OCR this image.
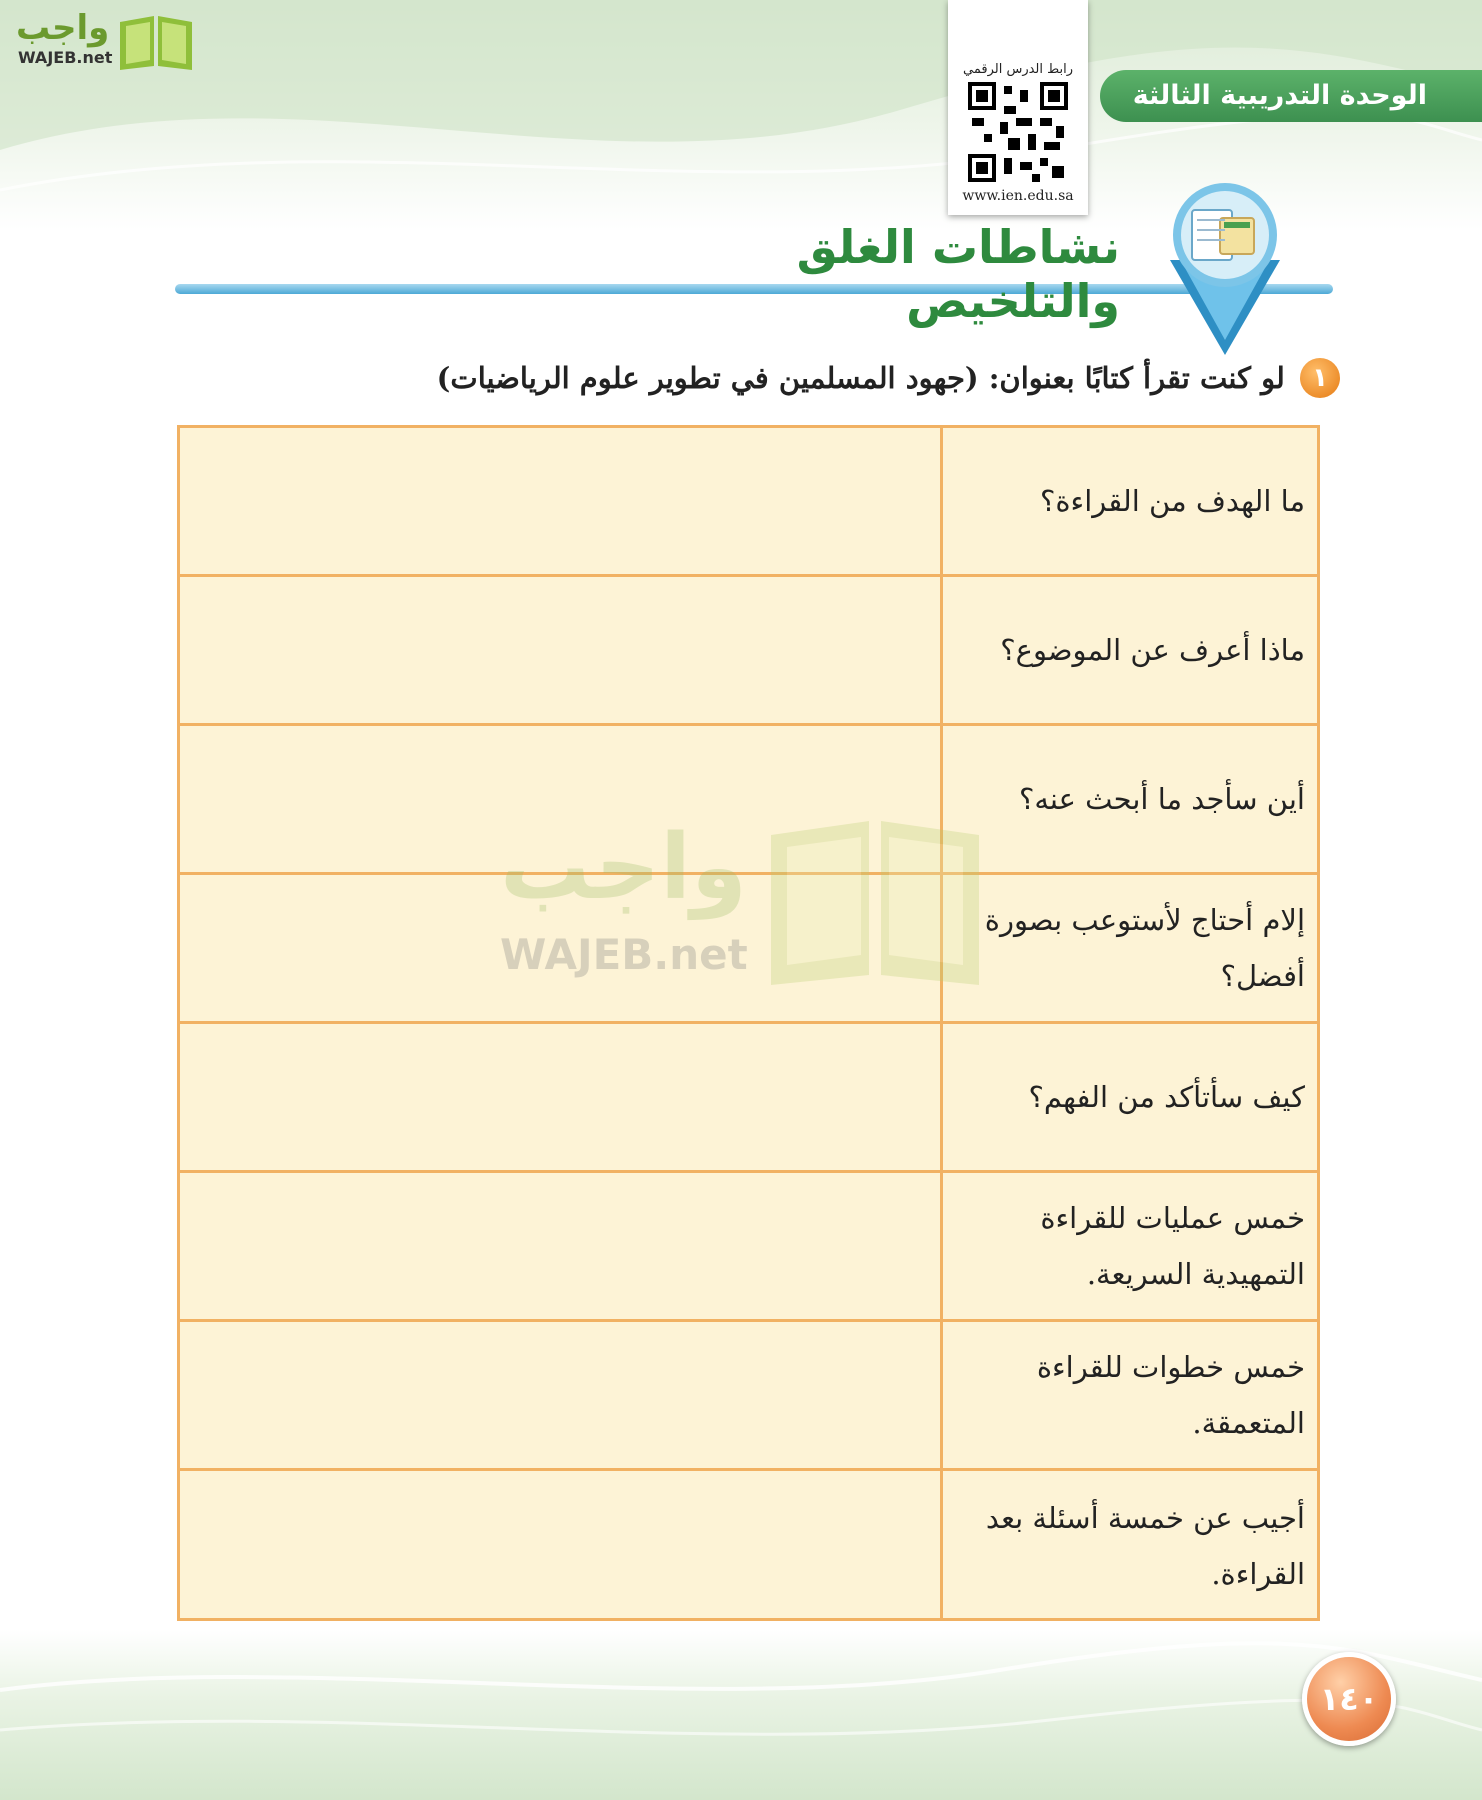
واجب
WAJEB.net
رابط الدرس الرقمي
www.ien.edu.sa
الوحدة التدريبية الثالثة
نشاطات الغلق والتلخيص
١ لو كنت تقرأ كتابًا بعنوان: (جهود المسلمين في تطوير علوم الرياضيات)
ما الهدف من القراءة؟
ماذا أعرف عن الموضوع؟
أين سأجد ما أبحث عنه؟
إلام أحتاج لأستوعب بصورة أفضل؟
كيف سأتأكد من الفهم؟
خمس عمليات للقراءة التمهيدية السريعة.
خمس خطوات للقراءة المتعمقة.
أجيب عن خمسة أسئلة بعد القراءة.
واجب
WAJEB.net
١٤٠
